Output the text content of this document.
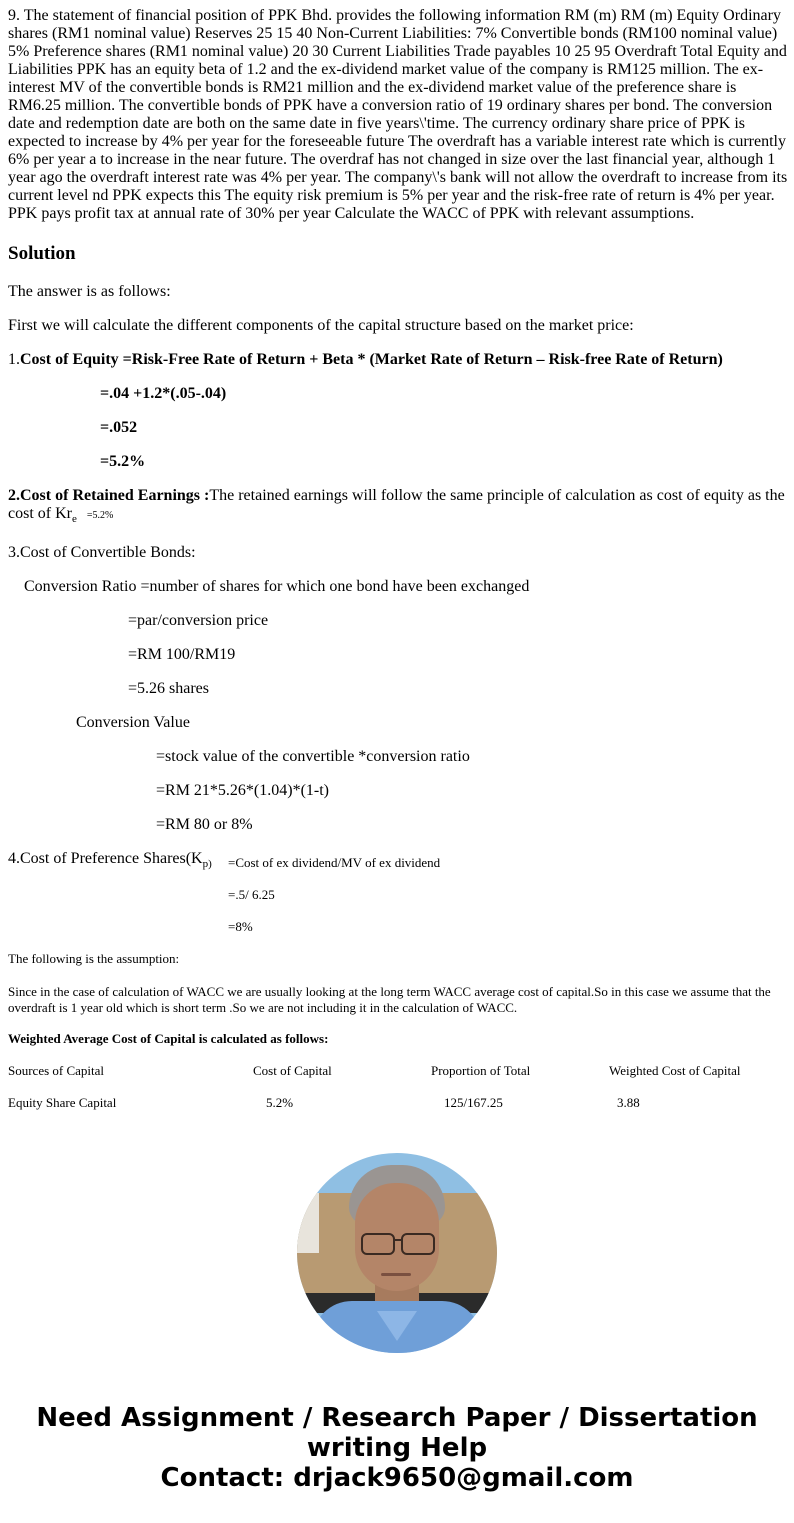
9. The statement of financial position of PPK Bhd. provides the following information RM (m) RM (m) Equity Ordinary shares (RM1 nominal value) Reserves 25 15 40 Non-Current Liabilities: 7% Convertible bonds (RM100 nominal value) 5% Preference shares (RM1 nominal value) 20 30 Current Liabilities Trade payables 10 25 95 Overdraft Total Equity and Liabilities PPK has an equity beta of 1.2 and the ex-dividend market value of the company is RM125 million. The ex-interest MV of the convertible bonds is RM21 million and the ex-dividend market value of the preference share is RM6.25 million. The convertible bonds of PPK have a conversion ratio of 19 ordinary shares per bond. The conversion date and redemption date are both on the same date in five years\'time. The currency ordinary share price of PPK is expected to increase by 4% per year for the foreseeable future The overdraft has a variable interest rate which is currently 6% per year a to increase in the near future. The overdraf has not changed in size over the last financial year, although 1 year ago the overdraft interest rate was 4% per year. The company\'s bank will not allow the overdraft to increase from its current level nd PPK expects this The equity risk premium is 5% per year and the risk-free rate of return is 4% per year. PPK pays profit tax at annual rate of 30% per year Calculate the WACC of PPK with relevant assumptions.
Solution
The answer is as follows:
First we will calculate the different components of the capital structure based on the market price:
1.Cost of Equity =Risk-Free Rate of Return + Beta * (Market Rate of Return – Risk-free Rate of Return)
=.04 +1.2*(.05-.04)
=.052
=5.2%
2.Cost of Retained Earnings :The retained earnings will follow the same principle of calculation as cost of equity as the cost of $Kr_e =5.2\%$
3.Cost of Convertible Bonds:
Conversion Ratio =number of shares for which one bond have been exchanged
=par/conversion price
=RM 100/RM19
=5.26 shares
Conversion Value
=stock value of the convertible *conversion ratio
=RM 21*5.26*(1.04)*(1-t)
=RM 80 or 8%
4.Cost of Preference $Shares(K_{p)}$ =Cost of ex dividend/MV of ex dividend
=.5/ 6.25
=8%
The following is the assumption:
Since in the case of calculation of WACC we are usually looking at the long term WACC average cost of capital.So in this case we assume that the overdraft is 1 year old which is short term .So we are not including it in the calculation of WACC.
Weighted Average Cost of Capital is calculated as follows:
Sources of Capital	Cost of Capital	Proportion of Total	Weighted Cost of Capital
Equity Share Capital	5.2%	125/167.25	3.88
Need Assignment / Research Paper / Dissertation
writing Help
Contact: drjack9650@gmail.com
